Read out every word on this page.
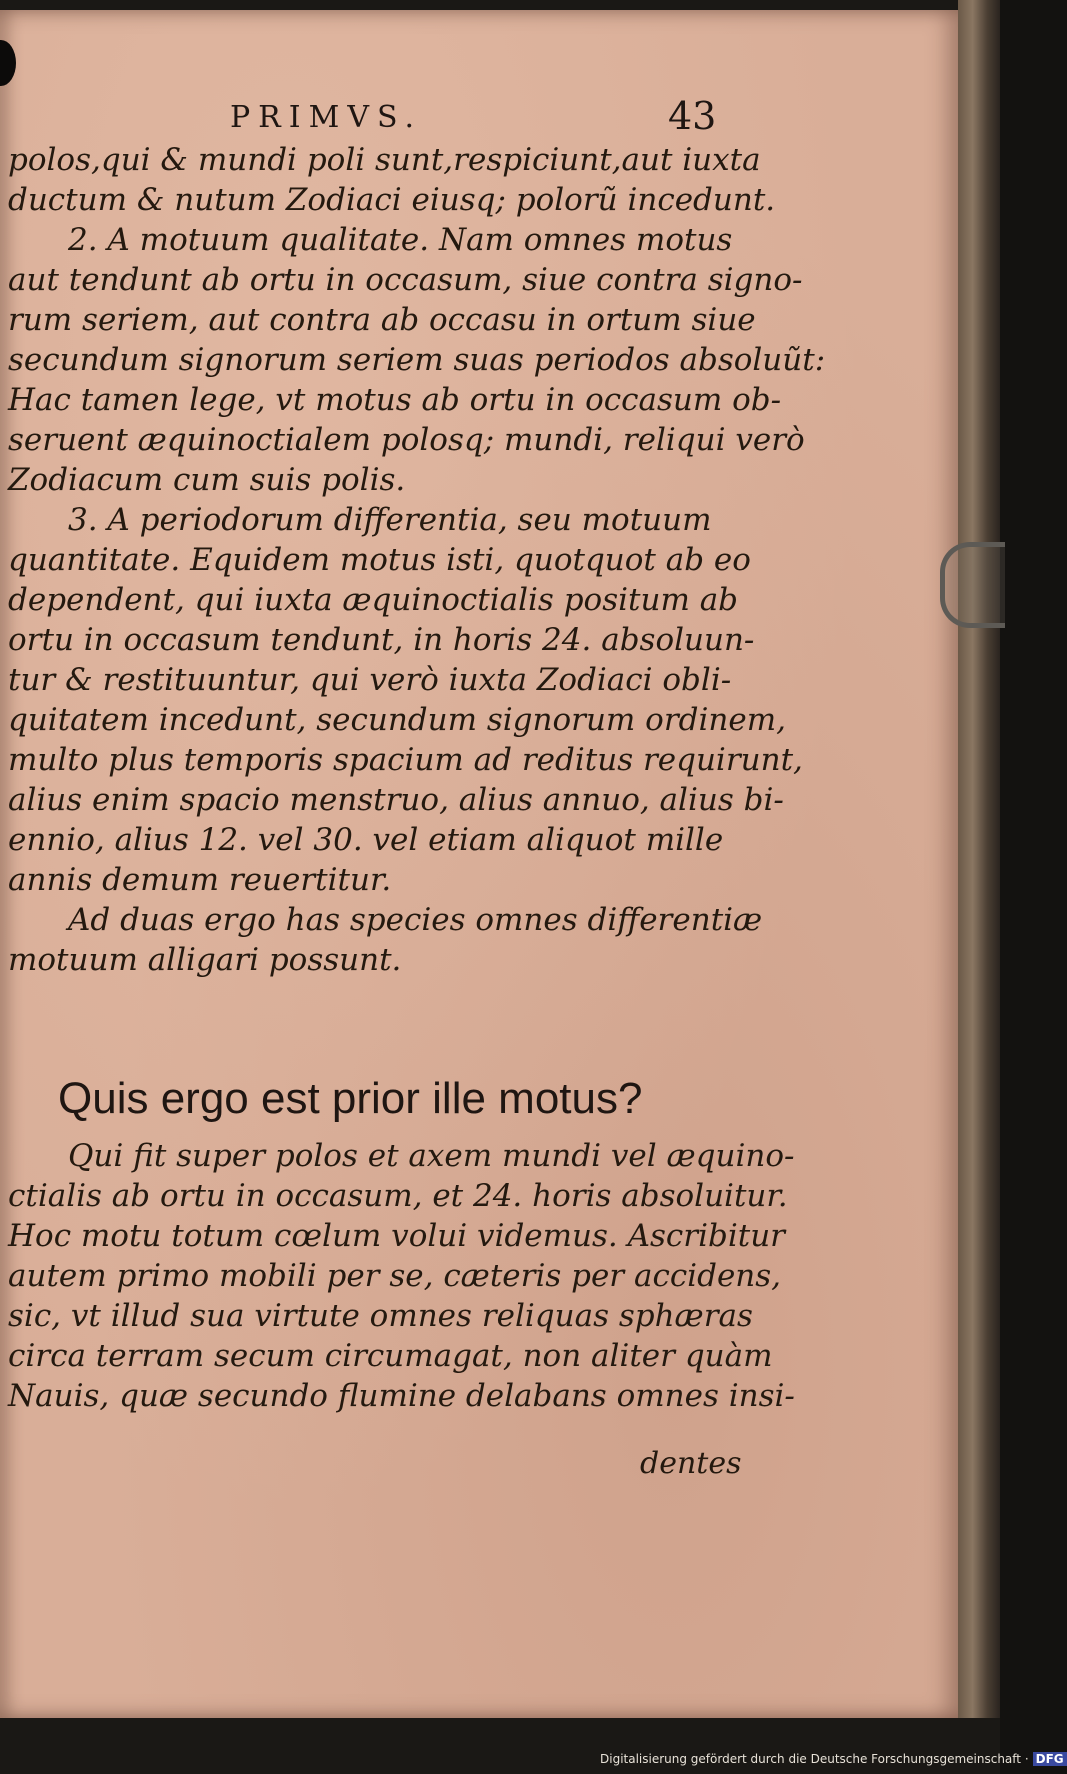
PRIMVS.	43
polos,qui & mundi poli sunt,respiciunt,aut iuxta
ductum & nutum Zodiaci eiusq; polorũ incedunt.
2. A motuum qualitate. Nam omnes motus
aut tendunt ab ortu in occasum, siue contra signo-
rum seriem, aut contra ab occasu in ortum siue
secundum signorum seriem suas periodos absoluũt:
Hac tamen lege, vt motus ab ortu in occasum ob-
seruent æquinoctialem polosq; mundi, reliqui verò
Zodiacum cum suis polis.
3. A periodorum differentia, seu motuum
quantitate. Equidem motus isti, quotquot ab eo
dependent, qui iuxta æquinoctialis positum ab
ortu in occasum tendunt, in horis 24. absoluun-
tur & restituuntur, qui verò iuxta Zodiaci obli-
quitatem incedunt, secundum signorum ordinem,
multo plus temporis spacium ad reditus requirunt,
alius enim spacio menstruo, alius annuo, alius bi-
ennio, alius 12. vel 30. vel etiam aliquot mille
annis demum reuertitur.
Ad duas ergo has species omnes differentiæ
motuum alligari possunt.
Quis ergo est prior ille motus?
Qui fit super polos et axem mundi vel æquino-
ctialis ab ortu in occasum, et 24. horis absoluitur.
Hoc motu totum cœlum volui videmus. Ascribitur
autem primo mobili per se, cæteris per accidens,
sic, vt illud sua virtute omnes reliquas sphæras
circa terram secum circumagat, non aliter quàm
Nauis, quæ secundo flumine delabans omnes insi-
dentes
Digitalisierung gefördert durch die Deutsche Forschungsgemeinschaft · DFG
